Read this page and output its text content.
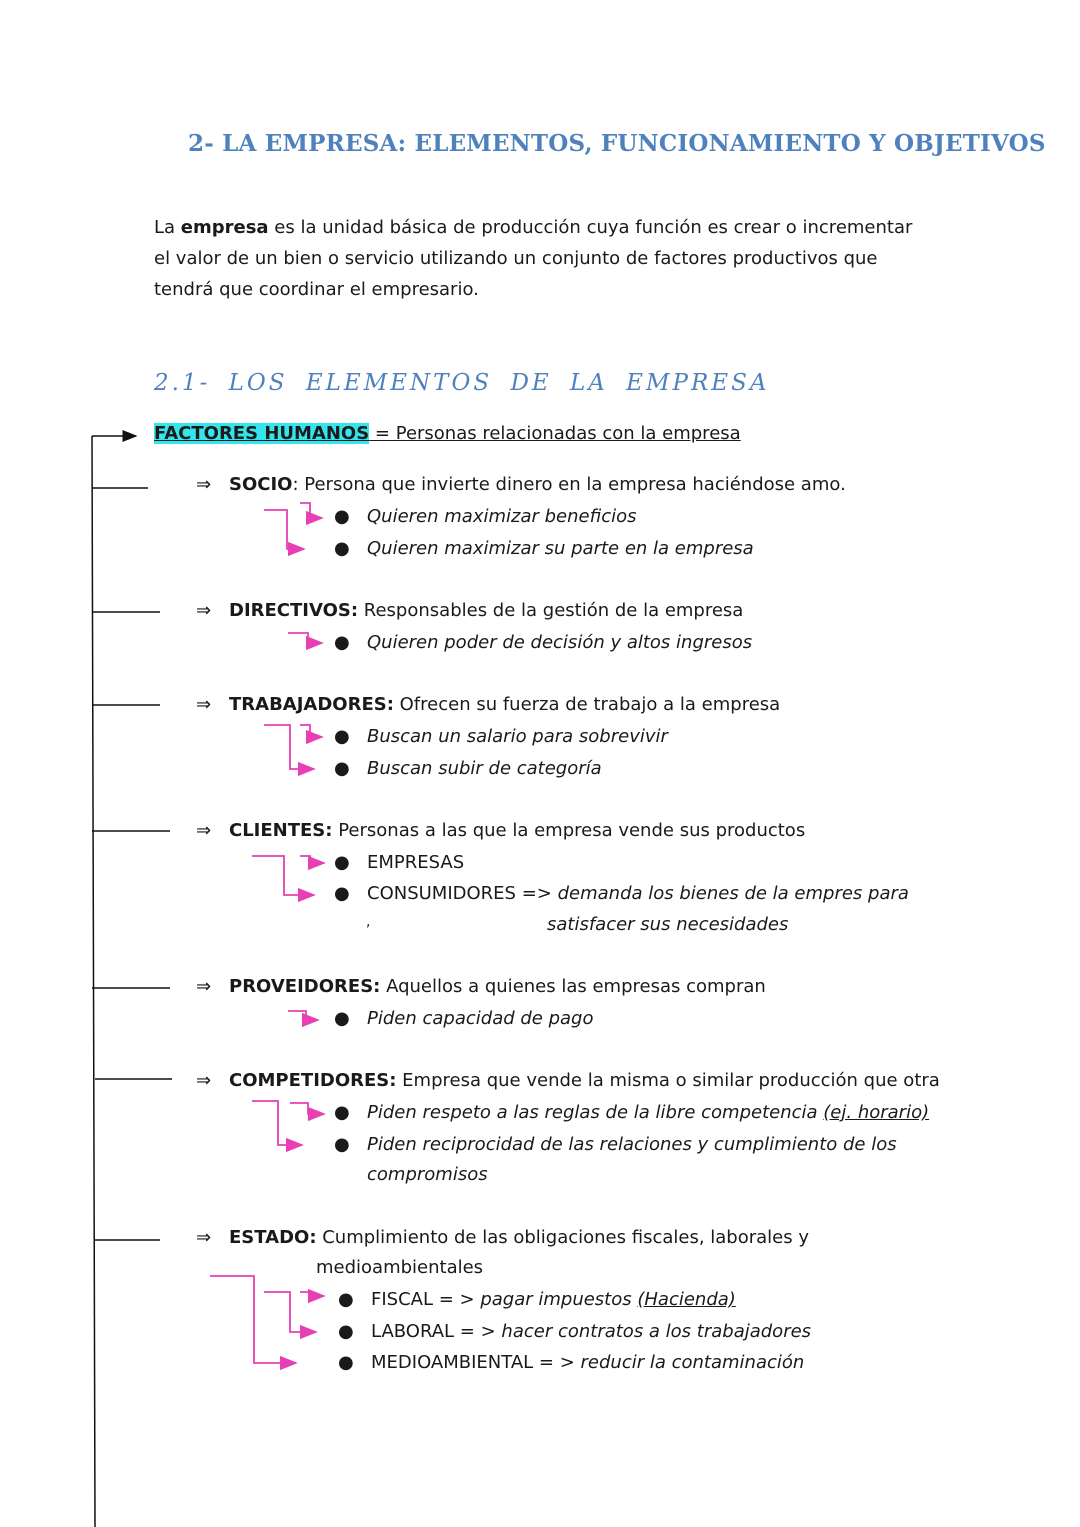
2- LA EMPRESA: ELEMENTOS, FUNCIONAMIENTO Y OBJETIVOS
La empresa es la unidad básica de producción cuya función es crear o incrementar el valor de un bien o servicio utilizando un conjunto de factores productivos que tendrá que coordinar el empresario.
2.1- LOS ELEMENTOS DE LA EMPRESA
FACTORES HUMANOS = Personas relacionadas con la empresa
⇒ SOCIO: Persona que invierte dinero en la empresa haciéndose amo.
● Quieren maximizar beneficios
● Quieren maximizar su parte en la empresa
⇒ DIRECTIVOS: Responsables de la gestión de la empresa
● Quieren poder de decisión y altos ingresos
⇒ TRABAJADORES: Ofrecen su fuerza de trabajo a la empresa
● Buscan un salario para sobrevivir
● Buscan subir de categoría
⇒ CLIENTES: Personas a las que la empresa vende sus productos
● EMPRESAS
● CONSUMIDORES => demanda los bienes de la empres para
,	satisfacer sus necesidades
⇒ PROVEIDORES: Aquellos a quienes las empresas compran
● Piden capacidad de pago
⇒ COMPETIDORES: Empresa que vende la misma o similar producción que otra
● Piden respeto a las reglas de la libre competencia (ej. horario)
● Piden reciprocidad de las relaciones y cumplimiento de los
compromisos
⇒ ESTADO: Cumplimiento de las obligaciones fiscales, laborales y
medioambientales
● FISCAL = > pagar impuestos (Hacienda)
● LABORAL = > hacer contratos a los trabajadores
● MEDIOAMBIENTAL = > reducir la contaminación
